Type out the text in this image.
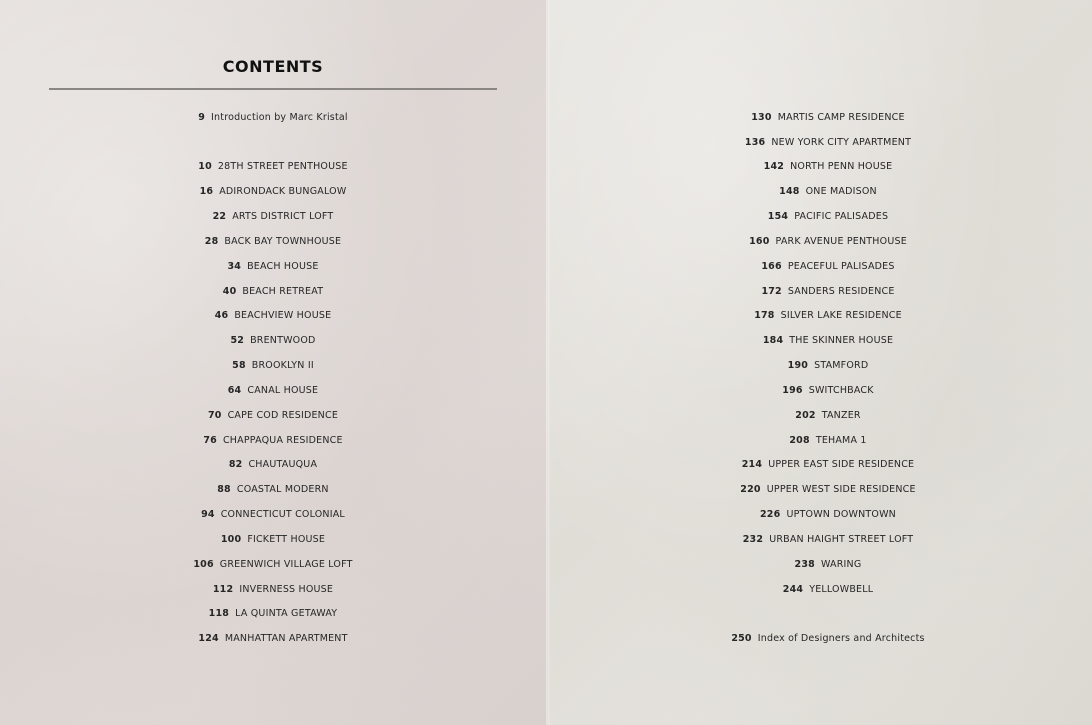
CONTENTS
9 Introduction by Marc Kristal
10 28TH STREET PENTHOUSE
16 ADIRONDACK BUNGALOW
22 ARTS DISTRICT LOFT
28 BACK BAY TOWNHOUSE
34 BEACH HOUSE
40 BEACH RETREAT
46 BEACHVIEW HOUSE
52 BRENTWOOD
58 BROOKLYN II
64 CANAL HOUSE
70 CAPE COD RESIDENCE
76 CHAPPAQUA RESIDENCE
82 CHAUTAUQUA
88 COASTAL MODERN
94 CONNECTICUT COLONIAL
100 FICKETT HOUSE
106 GREENWICH VILLAGE LOFT
112 INVERNESS HOUSE
118 LA QUINTA GETAWAY
124 MANHATTAN APARTMENT
130 MARTIS CAMP RESIDENCE
136 NEW YORK CITY APARTMENT
142 NORTH PENN HOUSE
148 ONE MADISON
154 PACIFIC PALISADES
160 PARK AVENUE PENTHOUSE
166 PEACEFUL PALISADES
172 SANDERS RESIDENCE
178 SILVER LAKE RESIDENCE
184 THE SKINNER HOUSE
190 STAMFORD
196 SWITCHBACK
202 TANZER
208 TEHAMA 1
214 UPPER EAST SIDE RESIDENCE
220 UPPER WEST SIDE RESIDENCE
226 UPTOWN DOWNTOWN
232 URBAN HAIGHT STREET LOFT
238 WARING
244 YELLOWBELL
250 Index of Designers and Architects
